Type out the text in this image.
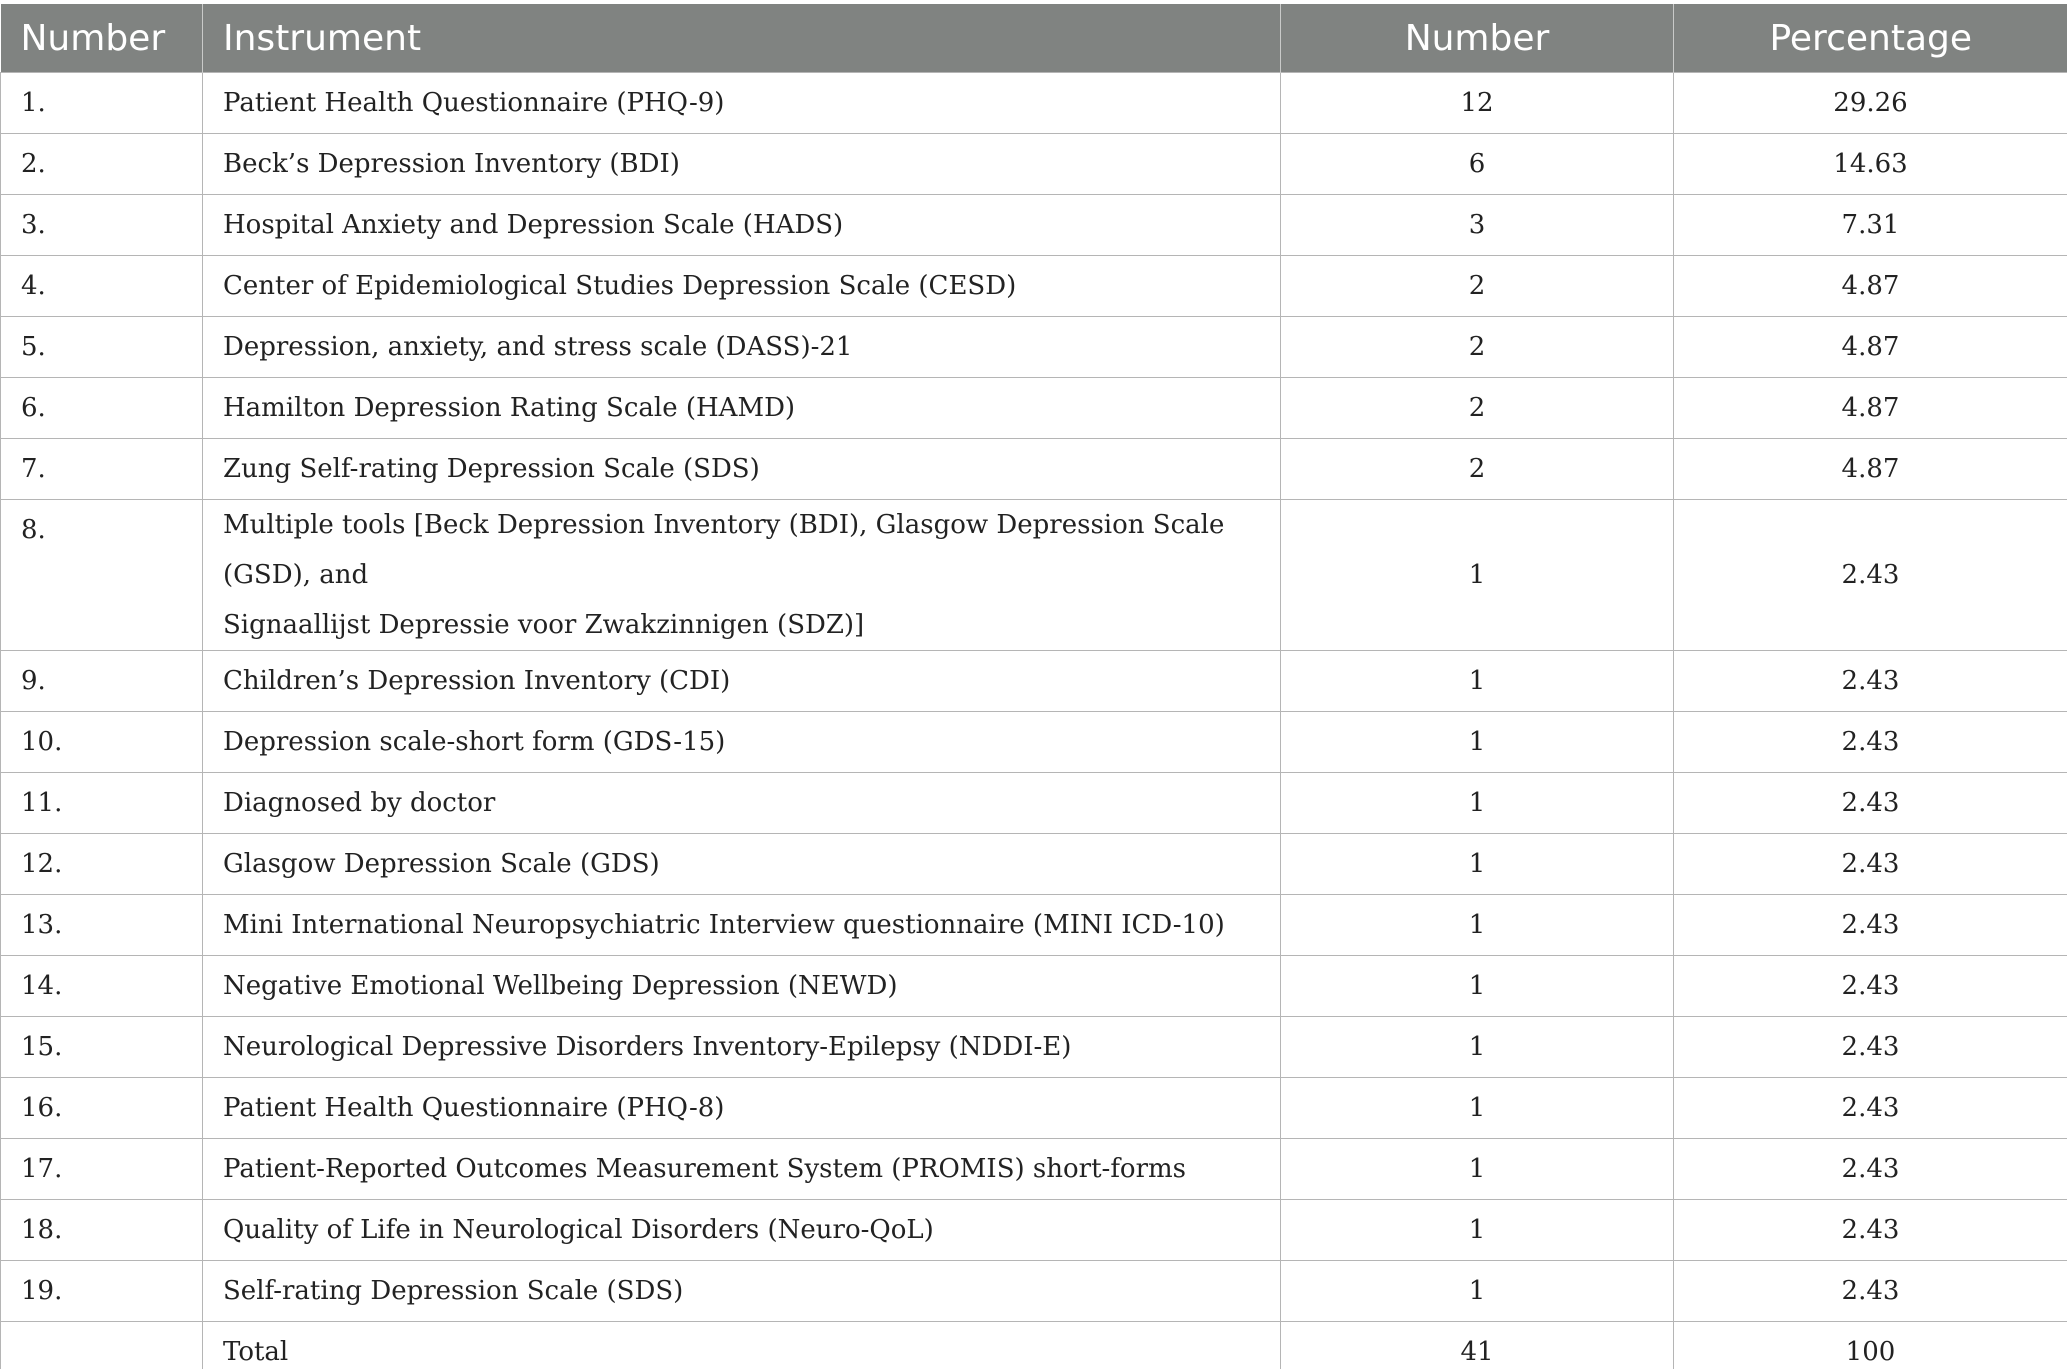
Number	Instrument	Number	Percentage
1.	Patient Health Questionnaire (PHQ-9)	12	29.26
2.	Beck’s Depression Inventory (BDI)	6	14.63
3.	Hospital Anxiety and Depression Scale (HADS)	3	7.31
4.	Center of Epidemiological Studies Depression Scale (CESD)	2	4.87
5.	Depression, anxiety, and stress scale (DASS)-21	2	4.87
6.	Hamilton Depression Rating Scale (HAMD)	2	4.87
7.	Zung Self-rating Depression Scale (SDS)	2	4.87
8.	Multiple tools [Beck Depression Inventory (BDI), Glasgow Depression Scale (GSD), and
Signaallijst Depressie voor Zwakzinnigen (SDZ)]	1	2.43
9.	Children’s Depression Inventory (CDI)	1	2.43
10.	Depression scale-short form (GDS-15)	1	2.43
11.	Diagnosed by doctor	1	2.43
12.	Glasgow Depression Scale (GDS)	1	2.43
13.	Mini International Neuropsychiatric Interview questionnaire (MINI ICD-10)	1	2.43
14.	Negative Emotional Wellbeing Depression (NEWD)	1	2.43
15.	Neurological Depressive Disorders Inventory-Epilepsy (NDDI-E)	1	2.43
16.	Patient Health Questionnaire (PHQ-8)	1	2.43
17.	Patient-Reported Outcomes Measurement System (PROMIS) short-forms	1	2.43
18.	Quality of Life in Neurological Disorders (Neuro-QoL)	1	2.43
19.	Self-rating Depression Scale (SDS)	1	2.43
	Total	41	100
